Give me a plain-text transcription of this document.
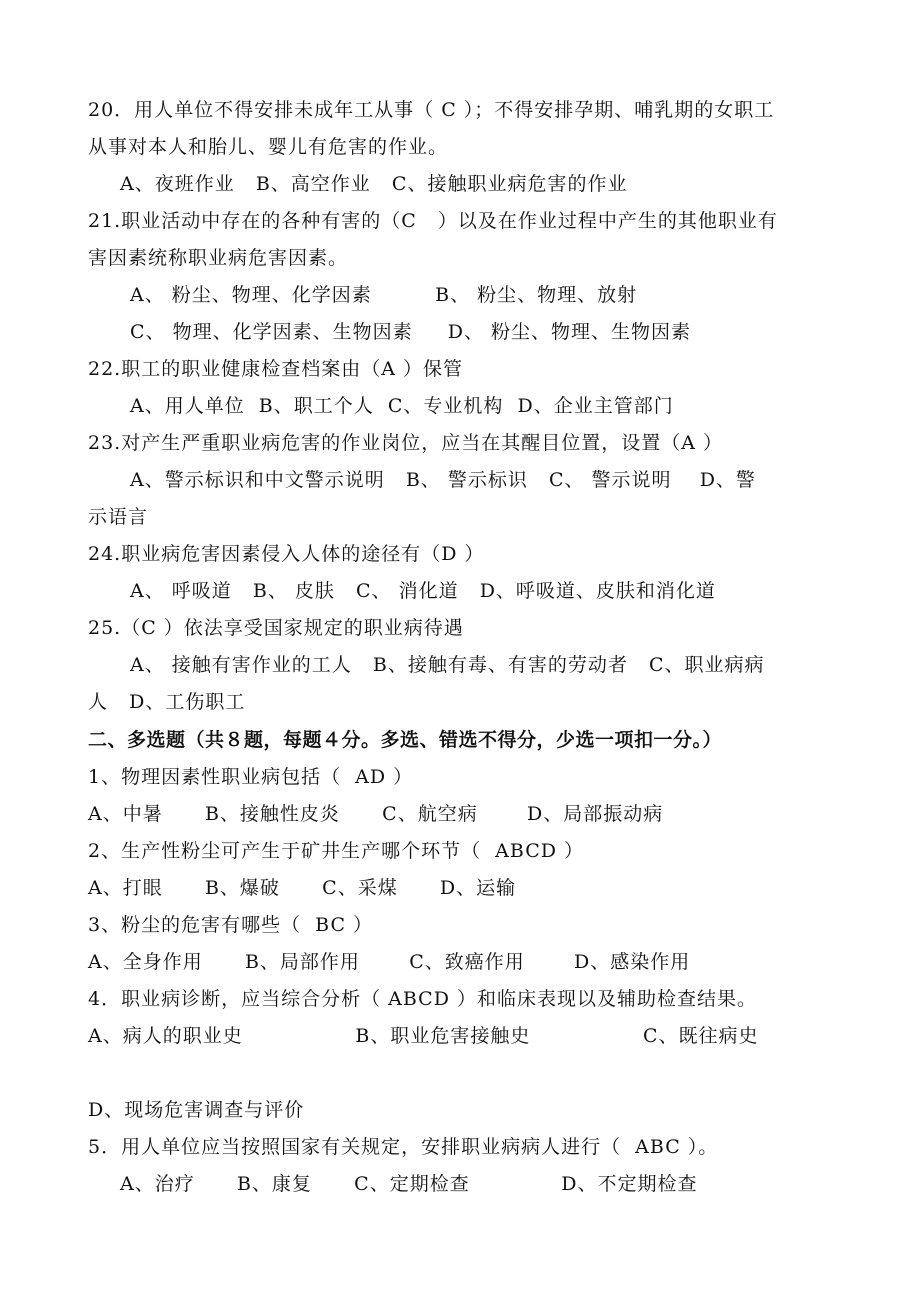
20．用人单位不得安排未成年工从事（ C ）；不得安排孕期、哺乳期的女职工
从事对本人和胎儿、婴儿有危害的作业。
A、夜班作业   B、高空作业   C、接触职业病危害的作业
21.职业活动中存在的各种有害的（C   ）以及在作业过程中产生的其他职业有
害因素统称职业病危害因素。
A、 粉尘、物理、化学因素         B、 粉尘、物理、放射
C、 物理、化学因素、生物因素     D、 粉尘、物理、生物因素
22.职工的职业健康检查档案由（A ）保管
A、用人单位  B、职工个人  C、专业机构  D、企业主管部门
23.对产生严重职业病危害的作业岗位，应当在其醒目位置，设置（A ）
A、警示标识和中文警示说明   B、 警示标识   C、 警示说明    D、警
示语言
24.职业病危害因素侵入人体的途径有（D ）
A、 呼吸道   B、 皮肤   C、 消化道   D、呼吸道、皮肤和消化道
25.（C ）依法享受国家规定的职业病待遇
A、 接触有害作业的工人   B、接触有毒、有害的劳动者   C、职业病病
人   D、工伤职工
二、多选题（共８题，每题４分。多选、错选不得分，少选一项扣一分。）
1、物理因素性职业病包括（  AD ）
A、中暑      B、接触性皮炎      C、航空病       D、局部振动病
2、生产性粉尘可产生于矿井生产哪个环节（  ABCD ）
A、打眼      B、爆破      C、采煤      D、运输
3、粉尘的危害有哪些（  BC ）
A、全身作用      B、局部作用       C、致癌作用       D、感染作用
4．职业病诊断，应当综合分析（ ABCD ）和临床表现以及辅助检查结果。
A、病人的职业史                B、职业危害接触史                C、既往病史
D、现场危害调查与评价
5．用人单位应当按照国家有关规定，安排职业病病人进行（  ABC ）。
A、治疗      B、康复      C、定期检查             D、不定期检查
